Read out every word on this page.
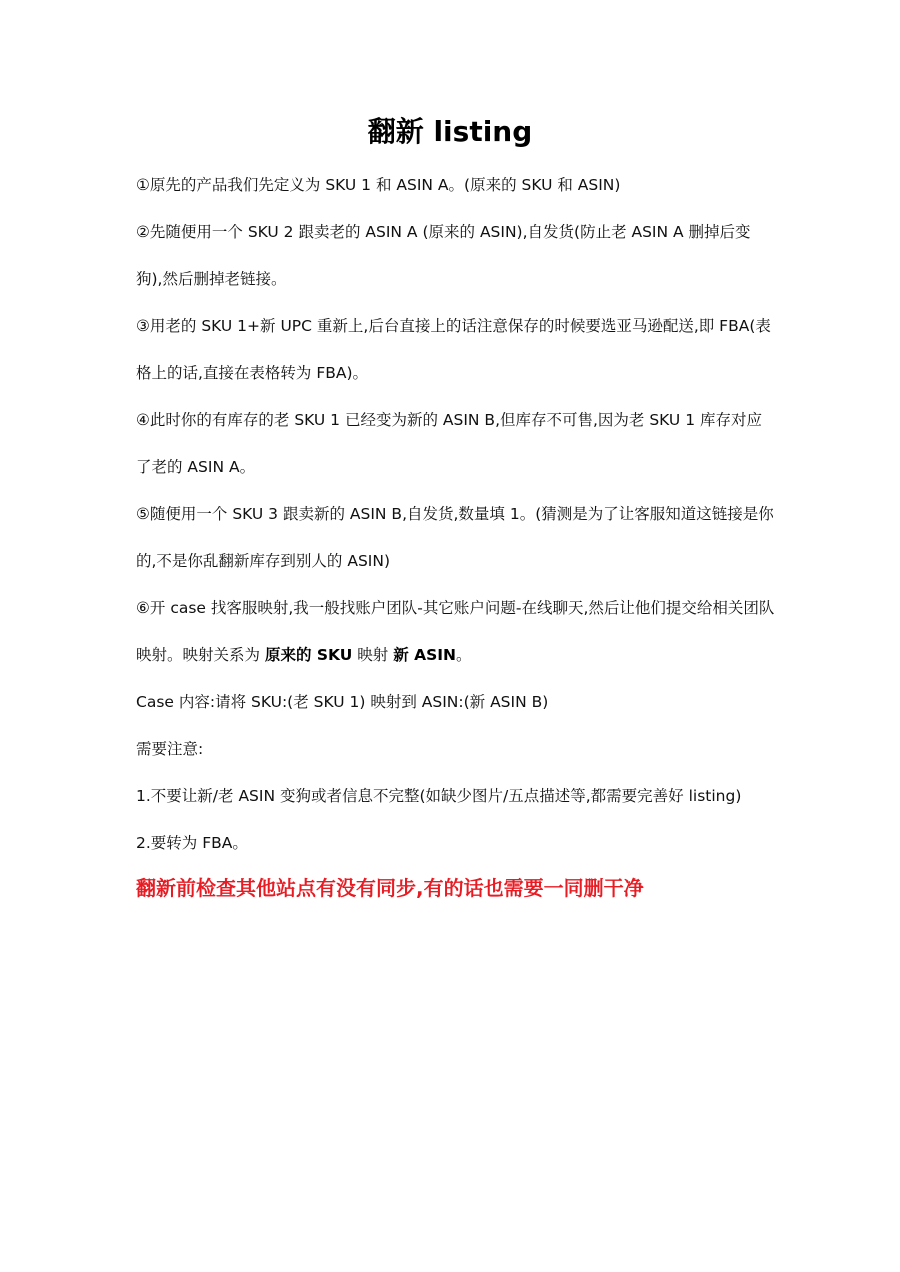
翻新 listing

①原先的产品我们先定义为 SKU 1 和 ASIN A。(原来的 SKU 和 ASIN)

②先随便用一个 SKU 2 跟卖老的 ASIN A (原来的 ASIN),自发货(防止老 ASIN A 删掉后变狗),然后删掉老链接。

③用老的 SKU 1+新 UPC 重新上,后台直接上的话注意保存的时候要选亚马逊配送,即 FBA(表格上的话,直接在表格转为 FBA)。

④此时你的有库存的老 SKU 1 已经变为新的 ASIN B,但库存不可售,因为老 SKU 1 库存对应了老的 ASIN A。

⑤随便用一个 SKU 3 跟卖新的 ASIN B,自发货,数量填 1。(猜测是为了让客服知道这链接是你的,不是你乱翻新库存到别人的 ASIN)

⑥开 case 找客服映射,我一般找账户团队-其它账户问题-在线聊天,然后让他们提交给相关团队映射。映射关系为 原来的 SKU 映射 新 ASIN。

Case 内容:请将 SKU:(老 SKU 1) 映射到 ASIN:(新 ASIN B)

需要注意:

1.不要让新/老 ASIN 变狗或者信息不完整(如缺少图片/五点描述等,都需要完善好 listing)

2.要转为 FBA。

翻新前检查其他站点有没有同步,有的话也需要一同删干净
